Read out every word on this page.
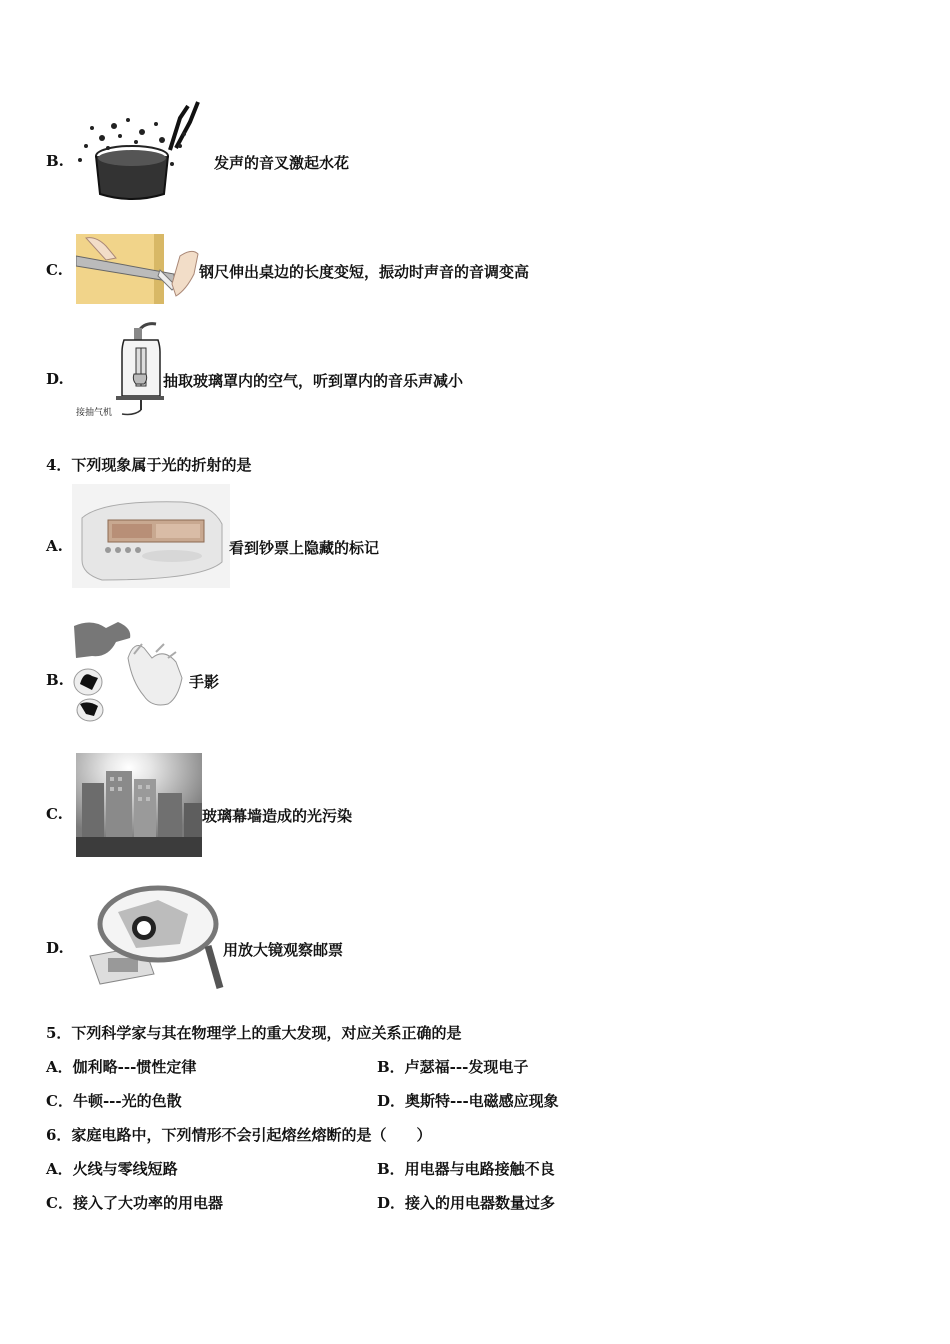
B.	发声的音叉激起水花
C.	钢尺伸出桌边的长度变短，振动时声音的音调变高
D.
接抽气机
抽取玻璃罩内的空气，听到罩内的音乐声减小
4．下列现象属于光的折射的是
A.	看到钞票上隐藏的标记
B.	手影
C.	玻璃幕墙造成的光污染
D.	用放大镜观察邮票
5．下列科学家与其在物理学上的重大发现，对应关系正确的是
A．伽利略---惯性定律	B．卢瑟福---发现电子
C．牛顿---光的色散	D．奥斯特---电磁感应现象
6．家庭电路中，下列情形不会引起熔丝熔断的是（　　）
A．火线与零线短路	B．用电器与电路接触不良
C．接入了大功率的用电器	D．接入的用电器数量过多
